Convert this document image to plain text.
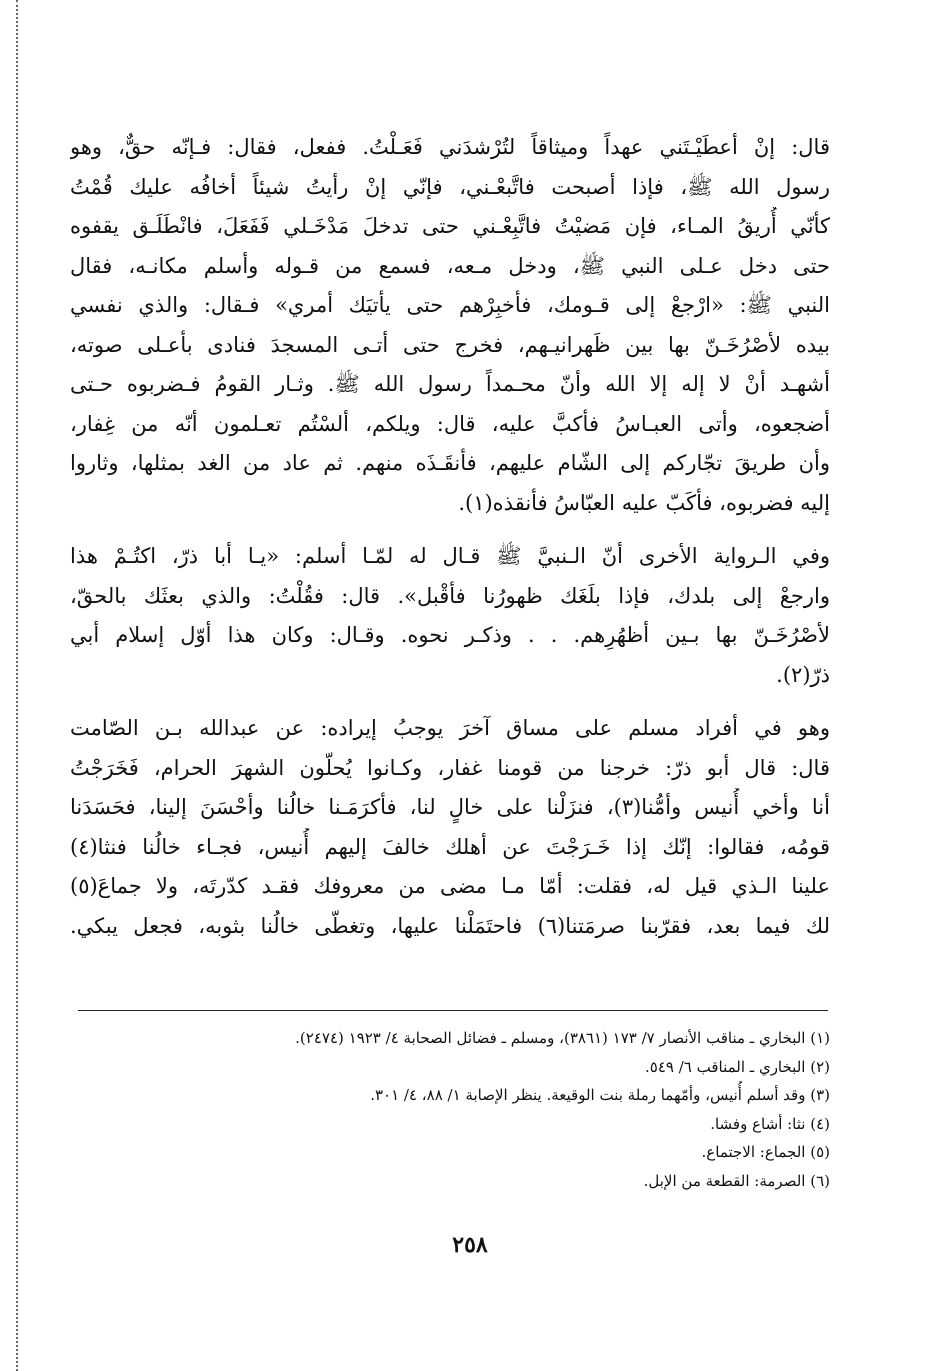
قال: إنْ أعطَيْـتَني عهداً وميثاقاً لتُرْشدَني فَعَـلْتُ. ففعل، فقال: فـإنّه حقٌّ، وهو
رسول الله ﷺ، فإذا أصبحت فاتَّبعْـني، فإنّي إنْ رأيتُ شيئاً أخافُه عليك قُمْتُ
كأنّي أُريقُ المـاء، فإن مَضيْتُ فاتَّبِعْـني حتى تدخلَ مَدْخَـلي فَفَعَلَ، فانْطَلَـق يقفوه
حتى دخل عـلى النبي ﷺ، ودخل مـعه، فسمع من قـوله وأسلم مكانـه، فقال
النبي ﷺ: «ارْجعْ إلى قـومك، فأخبِرْهم حتى يأتيَك أمري» فـقال: والذي نفسي
بيده لأصْرُخَـنّ بها بين ظَهرانيـهم، فخرج حتى أتـى المسجدَ فنادى بأعـلى صوته،
أشهـد أنْ لا إله إلا الله وأنّ محـمداً رسول الله ﷺ. وثـار القومُ فـضربوه حـتى
أضجعوه، وأتى العبـاسُ فأكبَّ عليه، قال: ويلكم، ألسْتُم تعـلمون أنّه من غِفار،
وأن طريقَ تجّاركم إلى الشّام عليهم، فأنقَـذَه منهم. ثم عاد من الغد بمثلها، وثاروا
إليه فضربوه، فأكَبّ عليه العبّاسُ فأنقذه(١).
وفي الـرواية الأخرى أنّ الـنبيَّ ﷺ قـال له لمّـا أسلم: «يـا أبا ذرّ، اكتُـمْ هذا
وارجعْ إلى بلدك، فإذا بلَغَك ظهورُنا فأقْبل». قال: فقُلْتُ: والذي بعثَك بالحقّ،
لأصْرُخَـنّ بها بـين أظهُرِهم. . . وذكـر نحوه. وقـال: وكان هذا أوّل إسلام أبي
ذرّ(٢).
وهو في أفراد مسلم على مساق آخرَ يوجبُ إيراده: عن عبدالله بـن الصّامت
قال: قال أبو ذرّ: خرجنا من قومنا غفار، وكـانوا يُحلّون الشهرَ الحرام، فَخَرَجْتُ
أنا وأخي أُنيس وأمُّنا(٣)، فنزَلْنا على خالٍ لنا، فأكرَمَـنا خالُنا وأحْسَنَ إلينا، فحَسَدَنا
قومُه، فقالوا: إنّك إذا خَـرَجْتَ عن أهلك خالفَ إليهم أُنيس، فجـاء خالُنا فنثا(٤)
علينا الـذي قيل له، فقلت: أمّا مـا مضى من معروفك فقـد كدّرتَه، ولا جماعَ(٥)
لك فيما بعد، فقرّبنا صرمَتنا(٦) فاحتَمَلْنا عليها، وتغطّى خالُنا بثوبه، فجعل يبكي.
(١) البخاري ـ مناقب الأنصار ٧/ ١٧٣ (٣٨٦١)، ومسلم ـ فضائل الصحابة ٤/ ١٩٢٣ (٢٤٧٤).
(٢) البخاري ـ المناقب ٦/ ٥٤٩.
(٣) وقد أسلم أُنيس، وأمّهما رملة بنت الوقيعة. ينظر الإصابة ١/ ٨٨، ٤/ ٣٠١.
(٤) نثا: أشاع وفشا.
(٥) الجماع: الاجتماع.
(٦) الصرمة: القطعة من الإبل.
٢٥٨
